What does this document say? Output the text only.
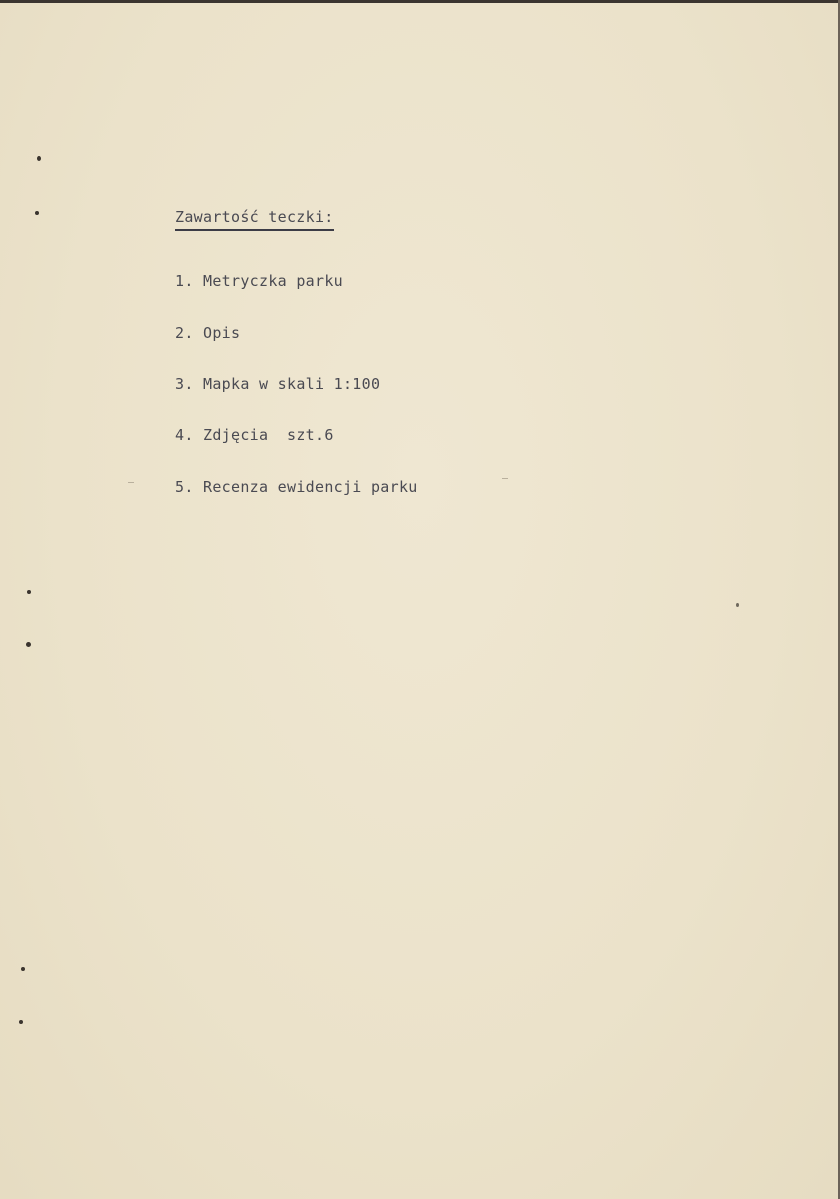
Zawartość teczki:
1. Metryczka parku
2. Opis
3. Mapka w skali 1:100
4. Zdjęcia  szt.6
5. Recenza ewidencji parku
